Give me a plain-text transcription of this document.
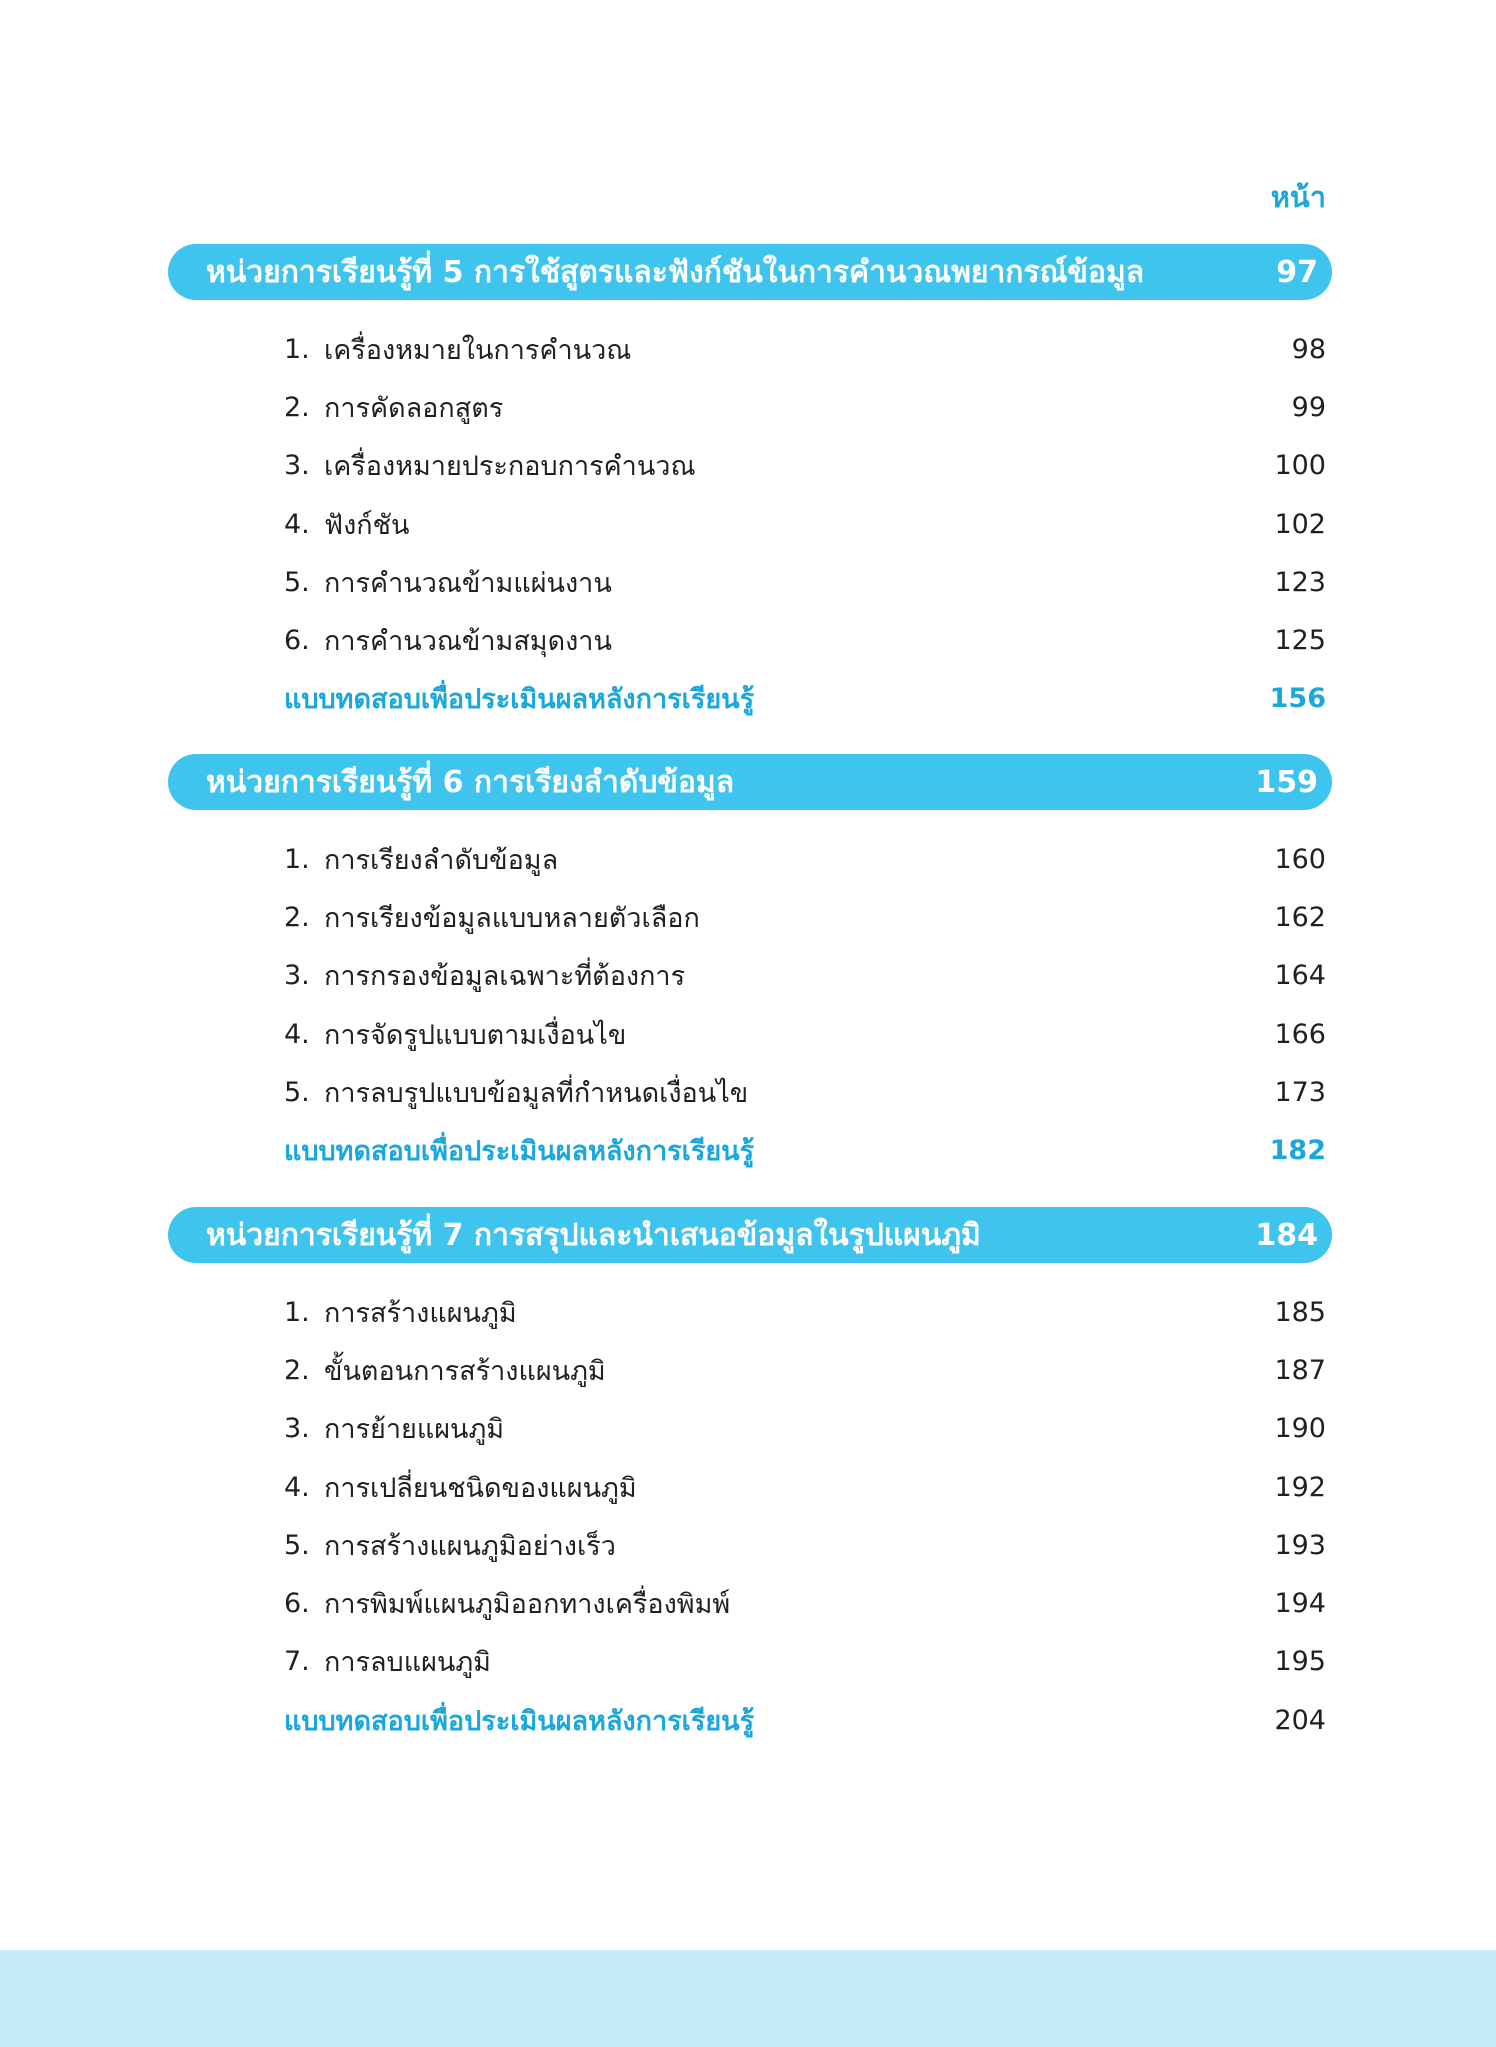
หน้า
หน่วยการเรียนรู้ที่ 5 การใช้สูตรและฟังก์ชันในการคำนวณพยากรณ์ข้อมูล	97
1. เครื่องหมายในการคำนวณ	98
2. การคัดลอกสูตร	99
3. เครื่องหมายประกอบการคำนวณ	100
4. ฟังก์ชัน	102
5. การคำนวณข้ามแผ่นงาน	123
6. การคำนวณข้ามสมุดงาน	125
แบบทดสอบเพื่อประเมินผลหลังการเรียนรู้	156
หน่วยการเรียนรู้ที่ 6 การเรียงลำดับข้อมูล	159
1. การเรียงลำดับข้อมูล	160
2. การเรียงข้อมูลแบบหลายตัวเลือก	162
3. การกรองข้อมูลเฉพาะที่ต้องการ	164
4. การจัดรูปแบบตามเงื่อนไข	166
5. การลบรูปแบบข้อมูลที่กำหนดเงื่อนไข	173
แบบทดสอบเพื่อประเมินผลหลังการเรียนรู้	182
หน่วยการเรียนรู้ที่ 7 การสรุปและนำเสนอข้อมูลในรูปแผนภูมิ	184
1. การสร้างแผนภูมิ	185
2. ขั้นตอนการสร้างแผนภูมิ	187
3. การย้ายแผนภูมิ	190
4. การเปลี่ยนชนิดของแผนภูมิ	192
5. การสร้างแผนภูมิอย่างเร็ว	193
6. การพิมพ์แผนภูมิออกทางเครื่องพิมพ์	194
7. การลบแผนภูมิ	195
แบบทดสอบเพื่อประเมินผลหลังการเรียนรู้	204
